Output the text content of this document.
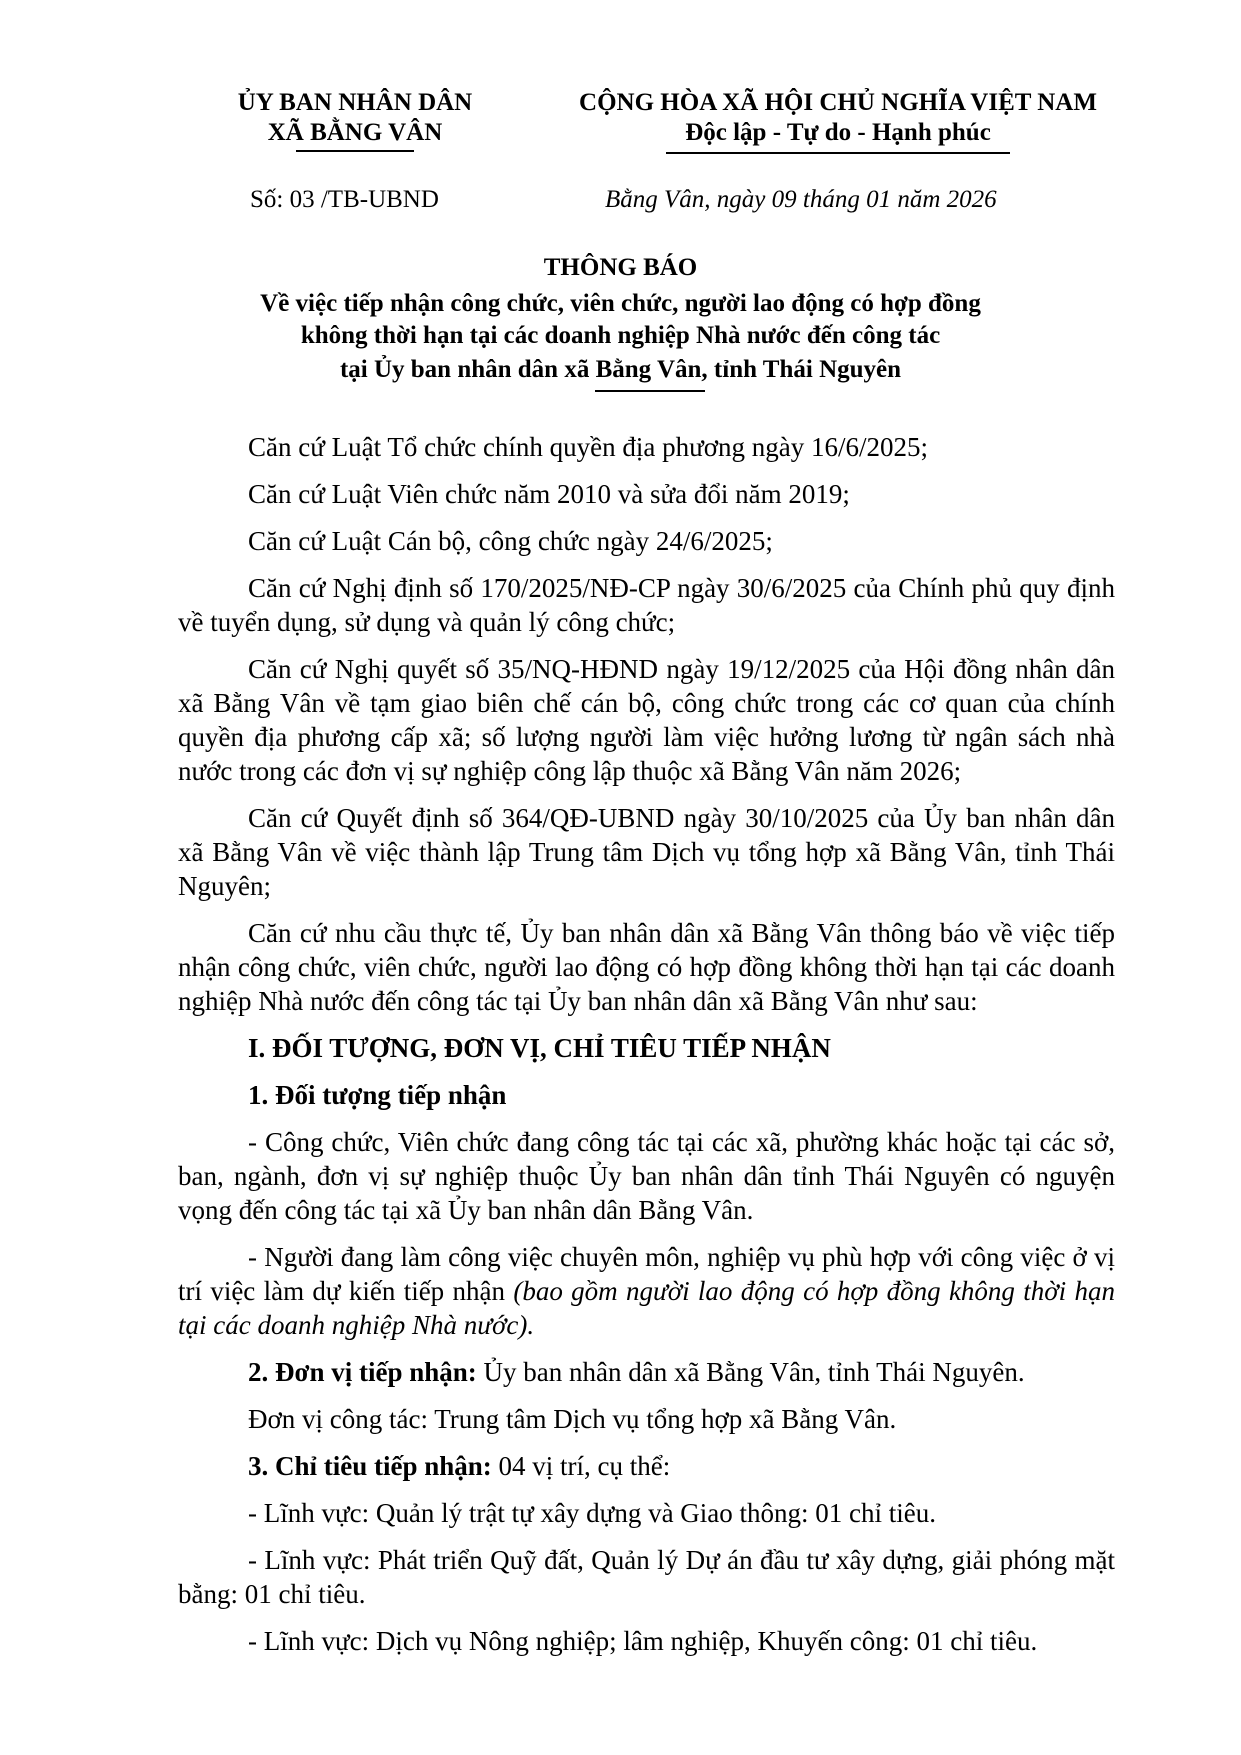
ỦY BAN NHÂN DÂN
XÃ BẰNG VÂN
CỘNG HÒA XÃ HỘI CHỦ NGHĨA VIỆT NAM
Độc lập - Tự do - Hạnh phúc
Số: 03 /TB-UBND	Bằng Vân, ngày 09 tháng 01 năm 2026
THÔNG BÁO
Về việc tiếp nhận công chức, viên chức, người lao động có hợp đồng
không thời hạn tại các doanh nghiệp Nhà nước đến công tác
tại Ủy ban nhân dân xã Bằng Vân, tỉnh Thái Nguyên

Căn cứ Luật Tổ chức chính quyền địa phương ngày 16/6/2025;

Căn cứ Luật Viên chức năm 2010 và sửa đổi năm 2019;

Căn cứ Luật Cán bộ, công chức ngày 24/6/2025;

Căn cứ Nghị định số 170/2025/NĐ-CP ngày 30/6/2025 của Chính phủ quy định về tuyển dụng, sử dụng và quản lý công chức;

Căn cứ Nghị quyết số 35/NQ-HĐND ngày 19/12/2025 của Hội đồng nhân dân xã Bằng Vân về tạm giao biên chế cán bộ, công chức trong các cơ quan của chính quyền địa phương cấp xã; số lượng người làm việc hưởng lương từ ngân sách nhà nước trong các đơn vị sự nghiệp công lập thuộc xã Bằng Vân năm 2026;

Căn cứ Quyết định số 364/QĐ-UBND ngày 30/10/2025 của Ủy ban nhân dân xã Bằng Vân về việc thành lập Trung tâm Dịch vụ tổng hợp xã Bằng Vân, tỉnh Thái Nguyên;

Căn cứ nhu cầu thực tế, Ủy ban nhân dân xã Bằng Vân thông báo về việc tiếp nhận công chức, viên chức, người lao động có hợp đồng không thời hạn tại các doanh nghiệp Nhà nước đến công tác tại Ủy ban nhân dân xã Bằng Vân như sau:

I. ĐỐI TƯỢNG, ĐƠN VỊ, CHỈ TIÊU TIẾP NHẬN

1. Đối tượng tiếp nhận

- Công chức, Viên chức đang công tác tại các xã, phường khác hoặc tại các sở, ban, ngành, đơn vị sự nghiệp thuộc Ủy ban nhân dân tỉnh Thái Nguyên có nguyện vọng đến công tác tại xã Ủy ban nhân dân Bằng Vân.

- Người đang làm công việc chuyên môn, nghiệp vụ phù hợp với công việc ở vị trí việc làm dự kiến tiếp nhận (bao gồm người lao động có hợp đồng không thời hạn tại các doanh nghiệp Nhà nước).

2. Đơn vị tiếp nhận: Ủy ban nhân dân xã Bằng Vân, tỉnh Thái Nguyên.

Đơn vị công tác: Trung tâm Dịch vụ tổng hợp xã Bằng Vân.

3. Chỉ tiêu tiếp nhận: 04 vị trí, cụ thể:

- Lĩnh vực: Quản lý trật tự xây dựng và Giao thông: 01 chỉ tiêu.

- Lĩnh vực: Phát triển Quỹ đất, Quản lý Dự án đầu tư xây dựng, giải phóng mặt bằng: 01 chỉ tiêu.

- Lĩnh vực: Dịch vụ Nông nghiệp; lâm nghiệp, Khuyến công: 01 chỉ tiêu.
